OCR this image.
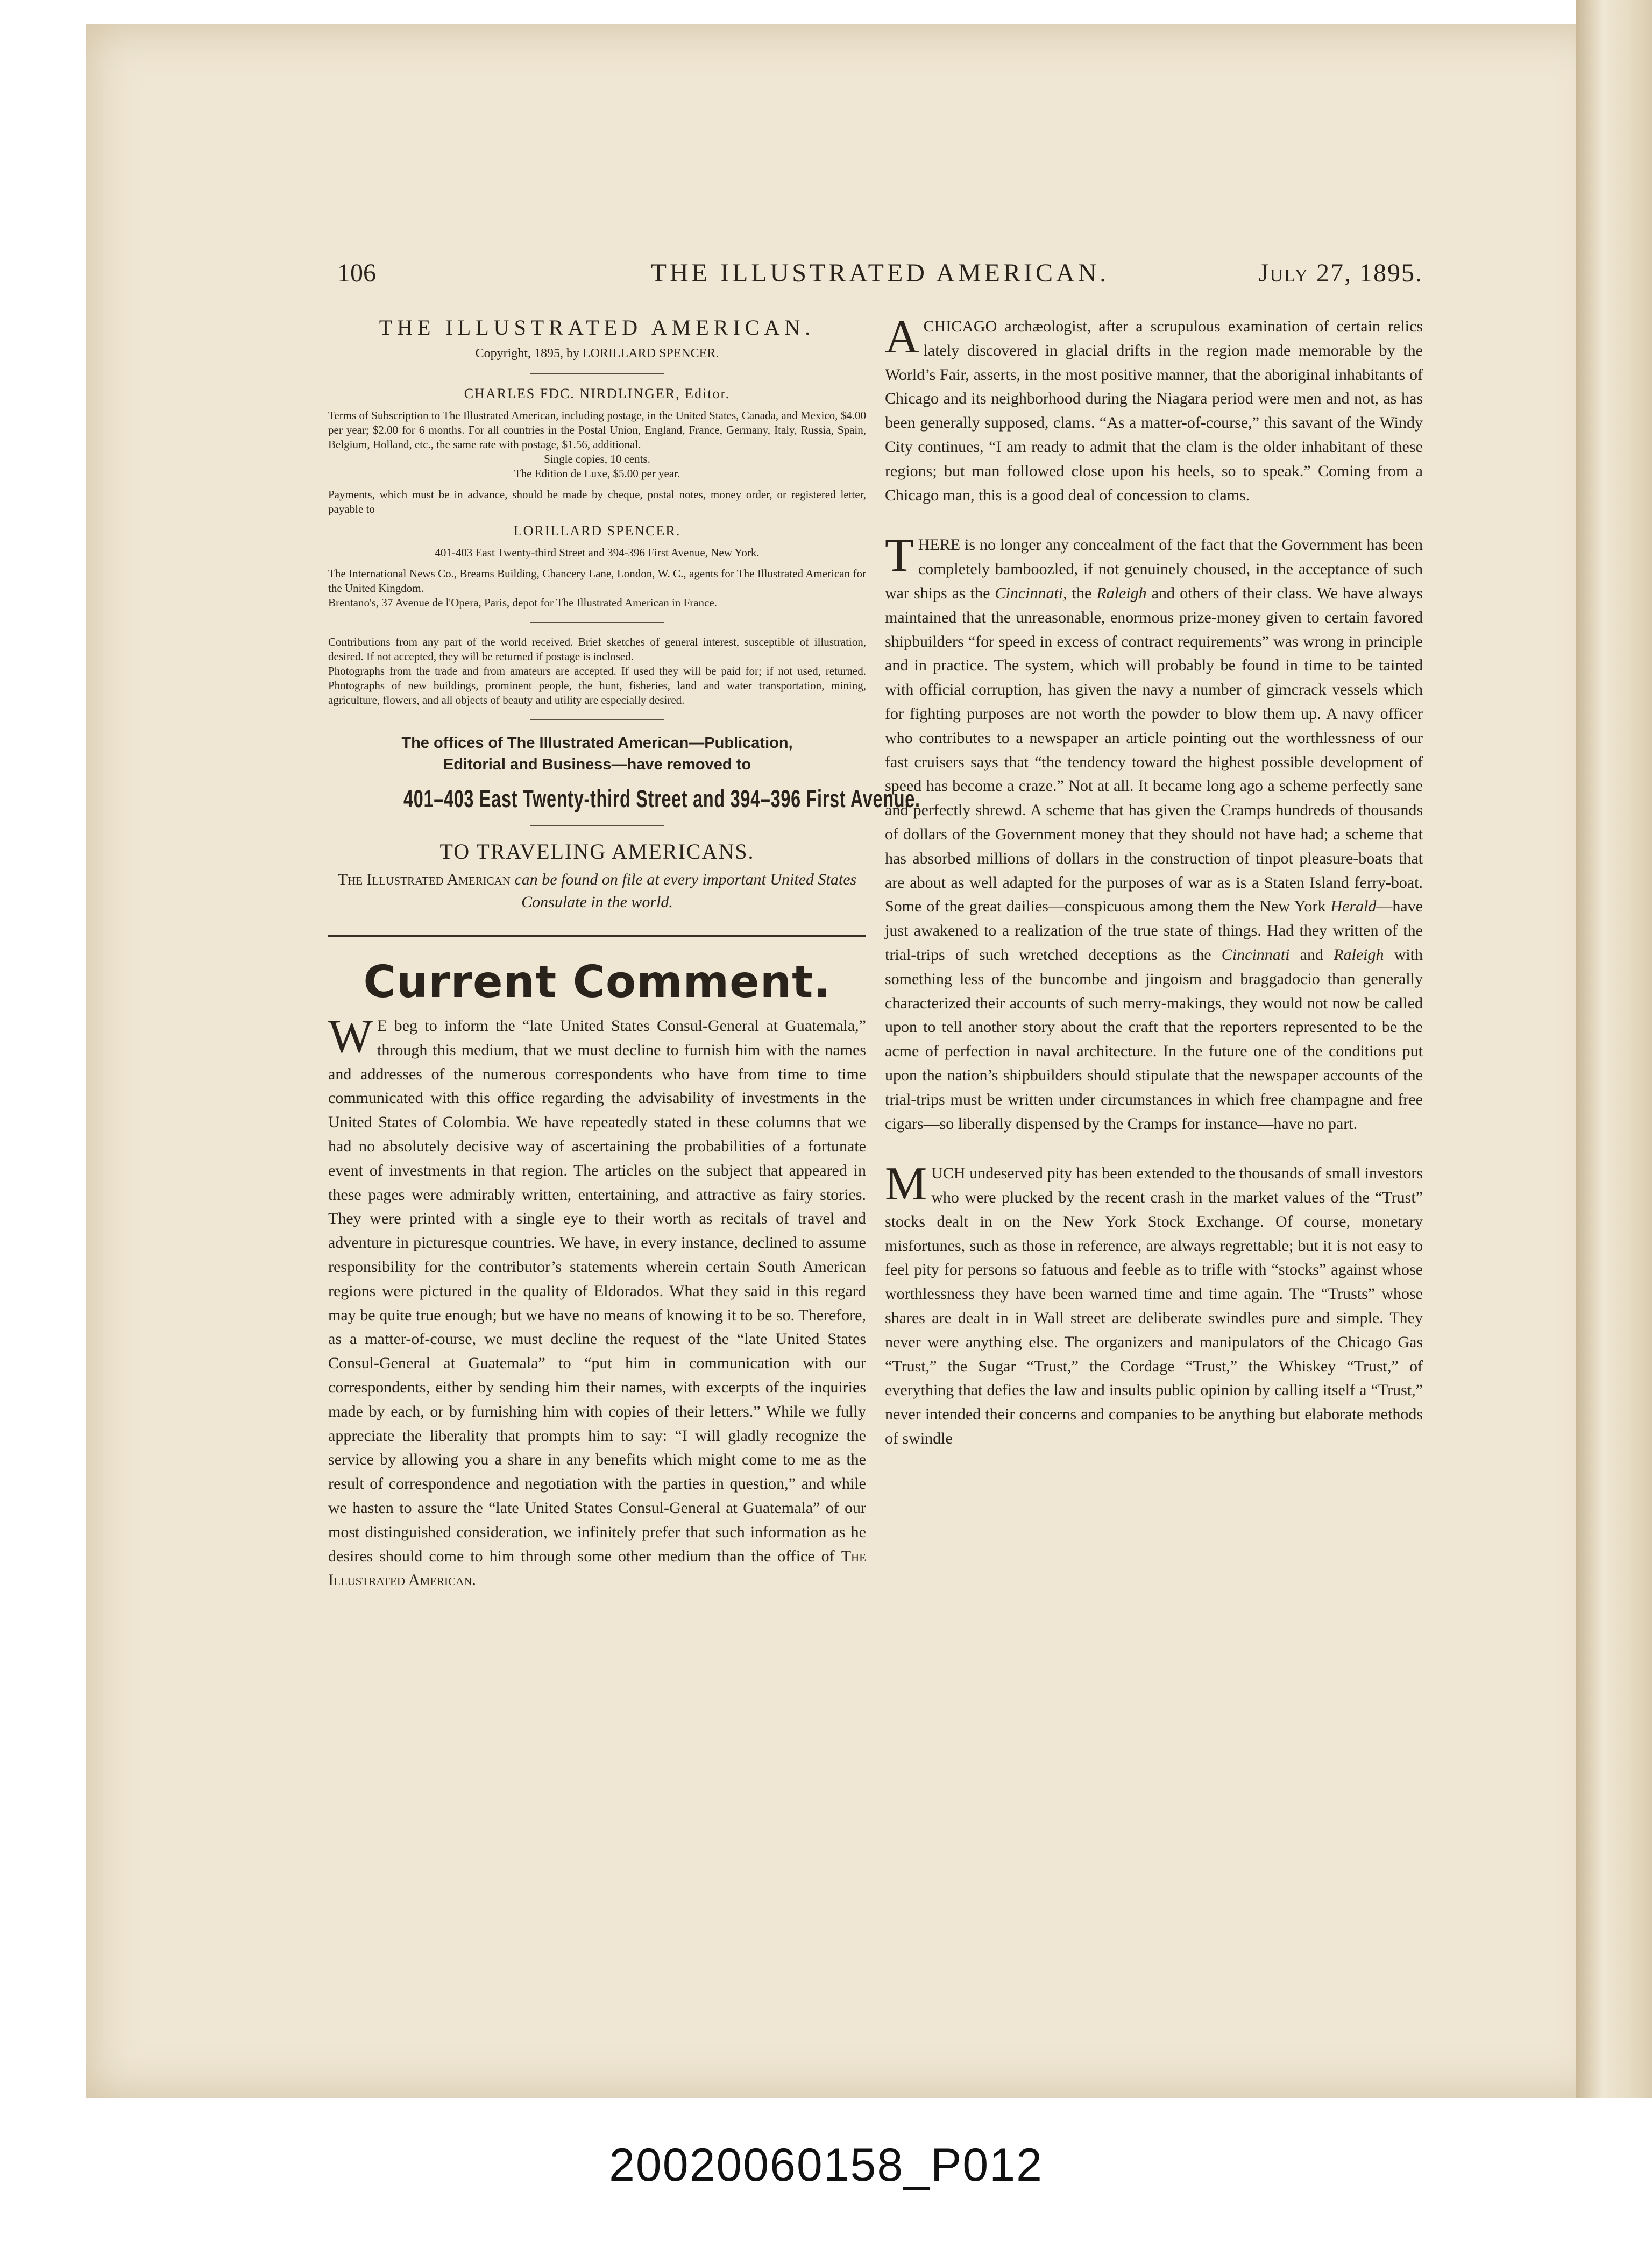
106	THE ILLUSTRATED AMERICAN.	July 27, 1895.
THE ILLUSTRATED AMERICAN.
Copyright, 1895, by LORILLARD SPENCER.
CHARLES FDC. NIRDLINGER, Editor.

Terms of Subscription to The Illustrated American, including postage, in the United States, Canada, and Mexico, $4.00 per year; $2.00 for 6 months. For all countries in the Postal Union, England, France, Germany, Italy, Russia, Spain, Belgium, Holland, etc., the same rate with postage, $1.56, additional.

Single copies, 10 cents.
The Edition de Luxe, $5.00 per year.
Payments, which must be in advance, should be made by cheque, postal notes, money order, or registered letter, payable to
LORILLARD SPENCER.
401-403 East Twenty-third Street and 394-396 First Avenue, New York.
The International News Co., Breams Building, Chancery Lane, London, W. C., agents for The Illustrated American for the United Kingdom.
Brentano's, 37 Avenue de l'Opera, Paris, depot for The Illustrated American in France.
Contributions from any part of the world received. Brief sketches of general interest, susceptible of illustration, desired. If not accepted, they will be returned if postage is inclosed.
Photographs from the trade and from amateurs are accepted. If used they will be paid for; if not used, returned. Photographs of new buildings, prominent people, the hunt, fisheries, land and water transportation, mining, agriculture, flowers, and all objects of beauty and utility are especially desired.
The offices of The Illustrated American—Publication,
Editorial and Business—have removed to
401–403 East Twenty-third Street and 394–396 First Avenue.
TO TRAVELING AMERICANS.
The Illustrated American can be found on file at every important United States Consulate in the world.
Current Comment.

W E beg to inform the “late United States Consul-General at Guatemala,” through this medium, that we must decline to furnish him with the names and addresses of the numerous correspondents who have from time to time communicated with this office regarding the advisability of investments in the United States of Colombia. We have repeatedly stated in these columns that we had no absolutely decisive way of ascertaining the probabilities of a fortunate event of investments in that region. The articles on the subject that appeared in these pages were admirably written, entertaining, and attractive as fairy stories. They were printed with a single eye to their worth as recitals of travel and adventure in picturesque countries. We have, in every instance, declined to assume responsibility for the contributor’s statements wherein certain South American regions were pictured in the quality of Eldorados. What they said in this regard may be quite true enough; but we have no means of knowing it to be so. Therefore, as a matter-of-course, we must decline the request of the “late United States Consul-General at Guatemala” to “put him in communication with our correspondents, either by sending him their names, with excerpts of the inquiries made by each, or by furnishing him with copies of their letters.” While we fully appreciate the liberality that prompts him to say: “I will gladly recognize the service by allowing you a share in any benefits which might come to me as the result of correspondence and negotiation with the parties in question,” and while we hasten to assure the “late United States Consul-General at Guatemala” of our most distinguished consideration, we infinitely prefer that such information as he desires should come to him through some other medium than the office of The Illustrated American.

A CHICAGO archæologist, after a scrupulous examination of certain relics lately discovered in glacial drifts in the region made memorable by the World’s Fair, asserts, in the most positive manner, that the aboriginal inhabitants of Chicago and its neighborhood during the Niagara period were men and not, as has been generally supposed, clams. “As a matter-of-course,” this savant of the Windy City continues, “I am ready to admit that the clam is the older inhabitant of these regions; but man followed close upon his heels, so to speak.” Coming from a Chicago man, this is a good deal of concession to clams.

THERE is no longer any concealment of the fact that the Government has been completely bamboozled, if not genuinely choused, in the acceptance of such war ships as the Cincinnati, the Raleigh and others of their class. We have always maintained that the unreasonable, enormous prize-money given to certain favored shipbuilders “for speed in excess of contract requirements” was wrong in principle and in practice. The system, which will probably be found in time to be tainted with official corruption, has given the navy a number of gimcrack vessels which for fighting purposes are not worth the powder to blow them up. A navy officer who contributes to a newspaper an article pointing out the worthlessness of our fast cruisers says that “the tendency toward the highest possible development of speed has become a craze.” Not at all. It became long ago a scheme perfectly sane and perfectly shrewd. A scheme that has given the Cramps hundreds of thousands of dollars of the Government money that they should not have had; a scheme that has absorbed millions of dollars in the construction of tinpot pleasure-boats that are about as well adapted for the purposes of war as is a Staten Island ferry-boat. Some of the great dailies—conspicuous among them the New York Herald—have just awakened to a realization of the true state of things. Had they written of the trial-trips of such wretched deceptions as the Cincinnati and Raleigh with something less of the buncombe and jingoism and braggadocio than generally characterized their accounts of such merry-makings, they would not now be called upon to tell another story about the craft that the reporters represented to be the acme of perfection in naval architecture. In the future one of the conditions put upon the nation’s shipbuilders should stipulate that the newspaper accounts of the trial-trips must be written under circumstances in which free champagne and free cigars—so liberally dispensed by the Cramps for instance—have no part.

MUCH undeserved pity has been extended to the thousands of small investors who were plucked by the recent crash in the market values of the “Trust” stocks dealt in on the New York Stock Exchange. Of course, monetary misfortunes, such as those in reference, are always regrettable; but it is not easy to feel pity for persons so fatuous and feeble as to trifle with “stocks” against whose worthlessness they have been warned time and time again. The “Trusts” whose shares are dealt in in Wall street are deliberate swindles pure and simple. They never were anything else. The organizers and manipulators of the Chicago Gas “Trust,” the Sugar “Trust,” the Cordage “Trust,” the Whiskey “Trust,” of everything that defies the law and insults public opinion by calling itself a “Trust,” never intended their concerns and companies to be anything but elaborate methods of swindle

20020060158_P012
